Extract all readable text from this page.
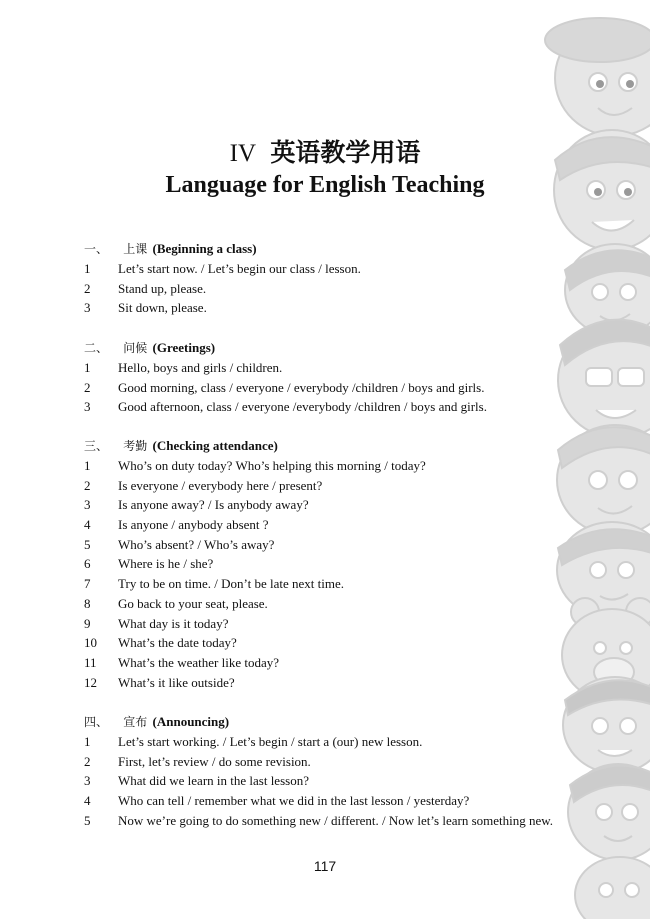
IV 英语教学用语
Language for English Teaching
一、 上课 (Beginning a class)
1 Let’s start now. / Let’s begin our class / lesson.
2 Stand up, please.
3 Sit down, please.
二、 问候 (Greetings)
1 Hello, boys and girls / children.
2 Good morning, class / everyone / everybody /children / boys and girls.
3 Good afternoon, class / everyone /everybody /children / boys and girls.
三、 考勤 (Checking attendance)
1 Who’s on duty today? Who’s helping this morning / today?
2 Is everyone / everybody here / present?
3 Is anyone away? / Is anybody away?
4 Is anyone / anybody absent ?
5 Who’s absent? / Who’s away?
6 Where is he / she?
7 Try to be on time. / Don’t be late next time.
8 Go back to your seat, please.
9 What day is it today?
10 What’s the date today?
11 What’s the weather like today?
12 What’s it like outside?
四、 宣布 (Announcing)
1 Let’s start working. / Let’s begin / start a (our) new lesson.
2 First, let’s review / do some revision.
3 What did we learn in the last lesson?
4 Who can tell / remember what we did in the last lesson / yesterday?
5 Now we’re going to do something new / different. / Now let’s learn something new.
117
